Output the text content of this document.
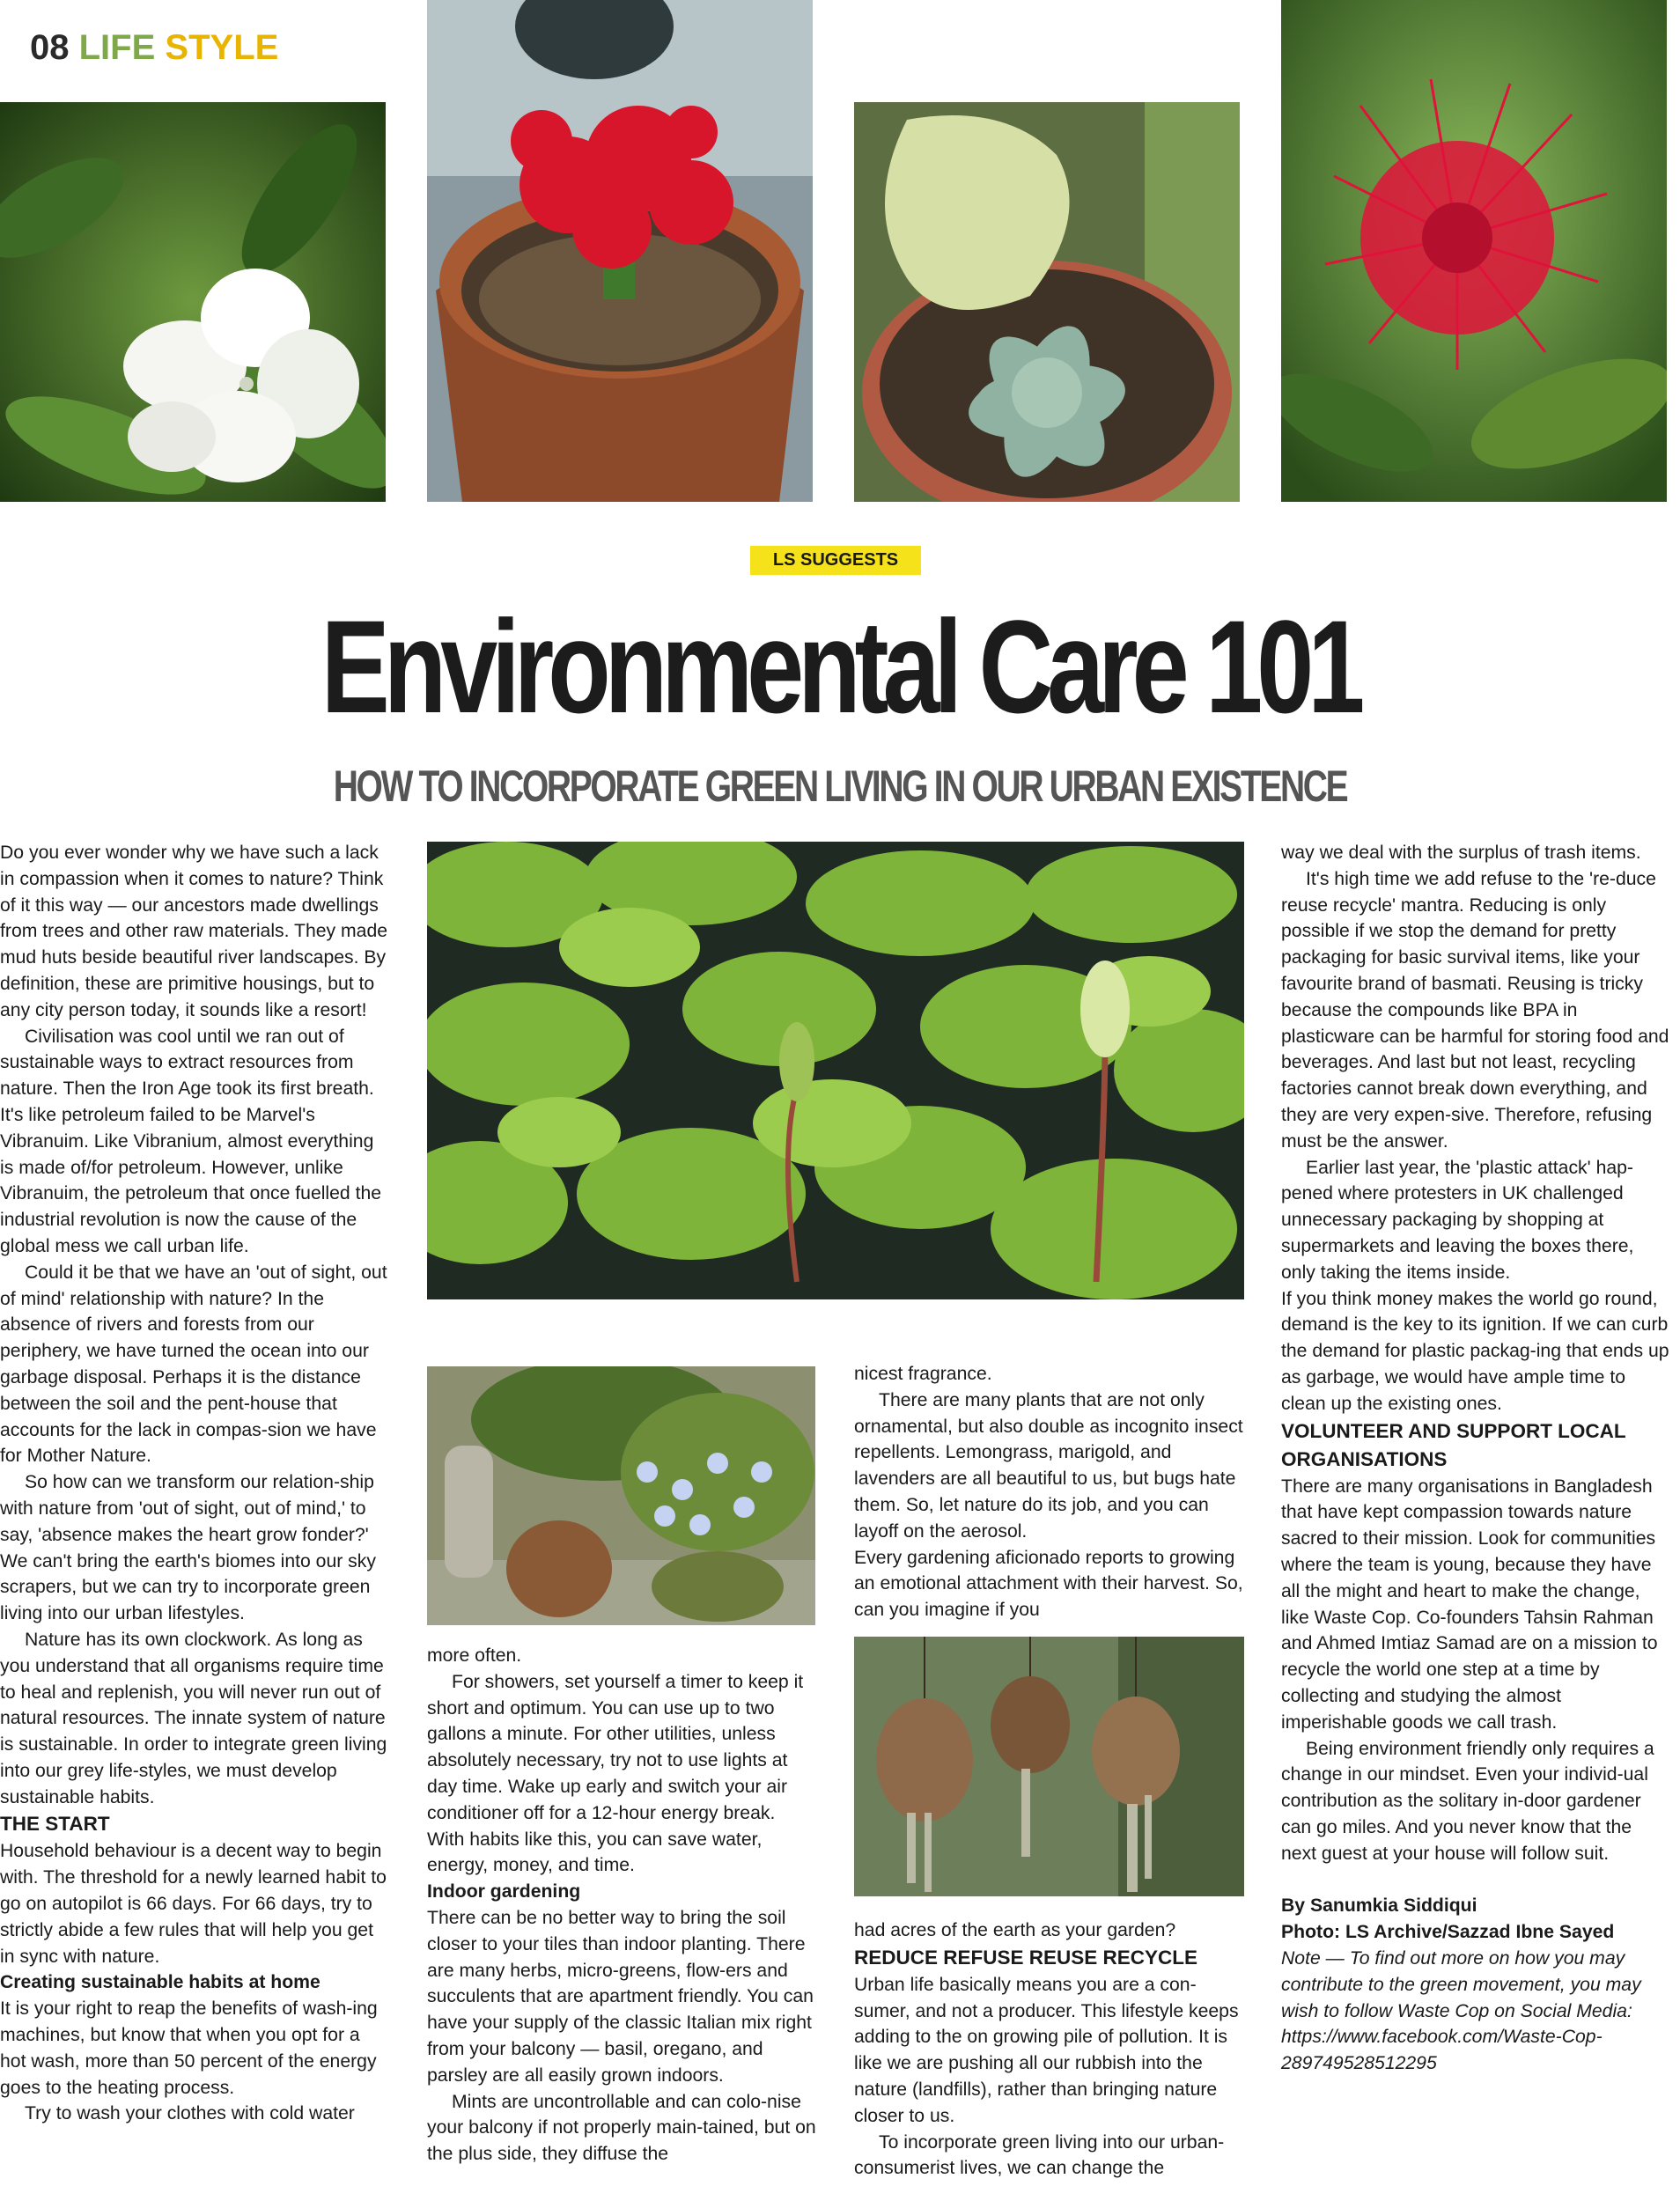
08 LIFE STYLE
LS SUGGESTS
Environmental Care 101
HOW TO INCORPORATE GREEN LIVING IN OUR URBAN EXISTENCE

Do you ever wonder why we have such a lack in compassion when it comes to nature? Think of it this way — our ancestors made dwellings from trees and other raw materials. They made mud huts beside beautiful river landscapes. By definition, these are primitive housings, but to any city person today, it sounds like a resort!

Civilisation was cool until we ran out of sustainable ways to extract resources from nature. Then the Iron Age took its first breath. It's like petroleum failed to be Marvel's Vibranuim. Like Vibranium, almost everything is made of/for petroleum. However, unlike Vibranuim, the petroleum that once fuelled the industrial revolution is now the cause of the global mess we call urban life.

Could it be that we have an 'out of sight, out of mind' relationship with nature? In the absence of rivers and forests from our periphery, we have turned the ocean into our garbage disposal. Perhaps it is the distance between the soil and the pent-house that accounts for the lack in compas-sion we have for Mother Nature.

So how can we transform our relation-ship with nature from 'out of sight, out of mind,' to say, 'absence makes the heart grow fonder?' We can't bring the earth's biomes into our sky scrapers, but we can try to incorporate green living into our urban lifestyles.

Nature has its own clockwork. As long as you understand that all organisms require time to heal and replenish, you will never run out of natural resources. The innate system of nature is sustainable. In order to integrate green living into our grey life-styles, we must develop sustainable habits.

THE START

Household behaviour is a decent way to begin with. The threshold for a newly learned habit to go on autopilot is 66 days. For 66 days, try to strictly abide a few rules that will help you get in sync with nature.

Creating sustainable habits at home

It is your right to reap the benefits of wash-ing machines, but know that when you opt for a hot wash, more than 50 percent of the energy goes to the heating process.

Try to wash your clothes with cold water

more often.

For showers, set yourself a timer to keep it short and optimum. You can use up to two gallons a minute. For other utilities, unless absolutely necessary, try not to use lights at day time. Wake up early and switch your air conditioner off for a 12-hour energy break. With habits like this, you can save water, energy, money, and time.

Indoor gardening

There can be no better way to bring the soil closer to your tiles than indoor planting. There are many herbs, micro-greens, flow-ers and succulents that are apartment friendly. You can have your supply of the classic Italian mix right from your balcony — basil, oregano, and parsley are all easily grown indoors.

Mints are uncontrollable and can colo-nise your balcony if not properly main-tained, but on the plus side, they diffuse the

nicest fragrance.

There are many plants that are not only ornamental, but also double as incognito insect repellents. Lemongrass, marigold, and lavenders are all beautiful to us, but bugs hate them. So, let nature do its job, and you can layoff on the aerosol.

Every gardening aficionado reports to growing an emotional attachment with their harvest. So, can you imagine if you

had acres of the earth as your garden?

REDUCE REFUSE REUSE RECYCLE

Urban life basically means you are a con-sumer, and not a producer. This lifestyle keeps adding to the on growing pile of pollution. It is like we are pushing all our rubbish into the nature (landfills), rather than bringing nature closer to us.

To incorporate green living into our urban-consumerist lives, we can change the

way we deal with the surplus of trash items.

It's high time we add refuse to the 're-duce reuse recycle' mantra. Reducing is only possible if we stop the demand for pretty packaging for basic survival items, like your favourite brand of basmati. Reusing is tricky because the compounds like BPA in plasticware can be harmful for storing food and beverages. And last but not least, recycling factories cannot break down everything, and they are very expen-sive. Therefore, refusing must be the answer.

Earlier last year, the 'plastic attack' hap-pened where protesters in UK challenged unnecessary packaging by shopping at supermarkets and leaving the boxes there, only taking the items inside.

If you think money makes the world go round, demand is the key to its ignition. If we can curb the demand for plastic packag-ing that ends up as garbage, we would have ample time to clean up the existing ones.

VOLUNTEER AND SUPPORT LOCAL ORGANISATIONS

There are many organisations in Bangladesh that have kept compassion towards nature sacred to their mission. Look for communities where the team is young, because they have all the might and heart to make the change, like Waste Cop. Co-founders Tahsin Rahman and Ahmed Imtiaz Samad are on a mission to recycle the world one step at a time by collecting and studying the almost imperishable goods we call trash.

Being environment friendly only requires a change in our mindset. Even your individ-ual contribution as the solitary in-door gardener can go miles. And you never know that the next guest at your house will follow suit.

By Sanumkia Siddiqui

Photo: LS Archive/Sazzad Ibne Sayed

Note — To find out more on how you may contribute to the green movement, you may wish to follow Waste Cop on Social Media: https://www.facebook.com/Waste-Cop-289749528512295
